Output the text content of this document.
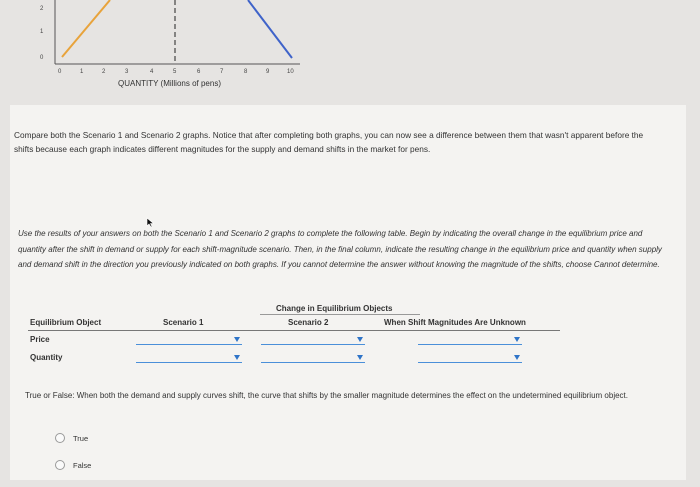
2
1
0
0	1	2	3	4	5	6	7	8	9	10
QUANTITY (Millions of pens)
Compare both the Scenario 1 and Scenario 2 graphs. Notice that after completing both graphs, you can now see a difference between them that wasn't apparent before the shifts because each graph indicates different magnitudes for the supply and demand shifts in the market for pens.
Use the results of your answers on both the Scenario 1 and Scenario 2 graphs to complete the following table. Begin by indicating the overall change in the equilibrium price and quantity after the shift in demand or supply for each shift-magnitude scenario. Then, in the final column, indicate the resulting change in the equilibrium price and quantity when supply and demand shift in the direction you previously indicated on both graphs. If you cannot determine the answer without knowing the magnitude of the shifts, choose Cannot determine.
Change in Equilibrium Objects
Equilibrium Object	Scenario 1	Scenario 2	When Shift Magnitudes Are Unknown
Price
Quantity
True or False: When both the demand and supply curves shift, the curve that shifts by the smaller magnitude determines the effect on the undetermined equilibrium object.
True
False
